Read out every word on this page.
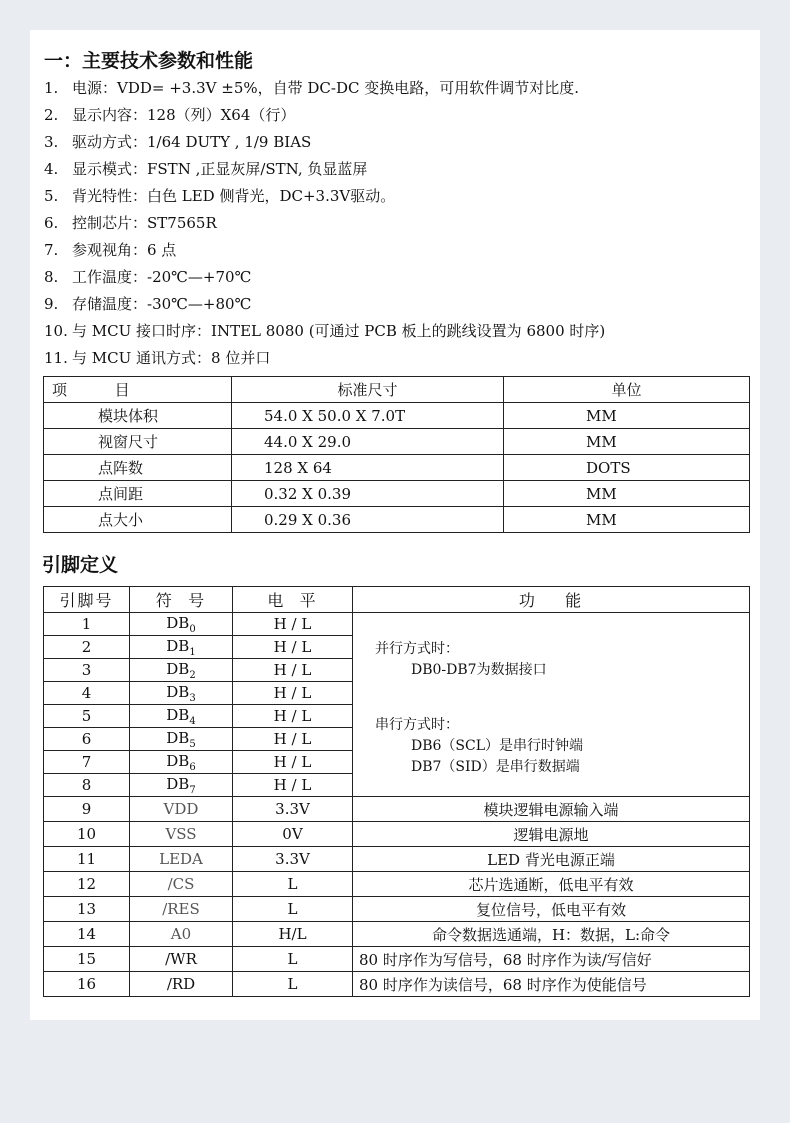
一：主要技术参数和性能
1. 电源：VDD= +3.3V ±5%，自带 DC-DC 变换电路，可用软件调节对比度.
2. 显示内容：128（列）X64（行）
3. 驱动方式：1/64 DUTY , 1/9 BIAS
4. 显示模式：FSTN ,正显灰屏/STN, 负显蓝屏
5. 背光特性：白色 LED 侧背光，DC+3.3V驱动。
6. 控制芯片：ST7565R
7. 参观视角：6 点
8. 工作温度：-20℃—+70℃
9. 存储温度：-30℃—+80℃
10. 与 MCU 接口时序：INTEL 8080 (可通过 PCB 板上的跳线设置为 6800 时序)
11. 与 MCU 通讯方式：8 位并口
项          目	标准尺寸	单位
模块体积	54.0 X 50.0 X 7.0T	MM
视窗尺寸	44.0 X 29.0	MM
点阵数	128 X 64	DOTS
点间距	0.32 X 0.39	MM
点大小	0.29 X 0.36	MM
引脚定义
引脚号	符  号	电  平	功    能
1	$DB_0$	H / L	并行方式时：
DB0-DB7为数据接口
串行方式时：
DB6（SCL）是串行时钟端
DB7（SID）是串行数据端

2	$DB_1$	H / L	
3	$DB_2$	H / L	
4	$DB_3$	H / L	
5	$DB_4$	H / L	
6	$DB_5$	H / L	
7	$DB_6$	H / L	
8	$DB_7$	H / L	
9	VDD	3.3V	模块逻辑电源输入端
10	VSS	0V	逻辑电源地
11	LEDA	3.3V	LED 背光电源正端
12	/CS	L	芯片选通断，低电平有效
13	/RES	L	复位信号，低电平有效
14	A0	H/L	命令数据选通端，H：数据，L:命令
15	/WR	L	80 时序作为写信号，68 时序作为读/写信好
16	/RD	L	80 时序作为读信号，68 时序作为使能信号
